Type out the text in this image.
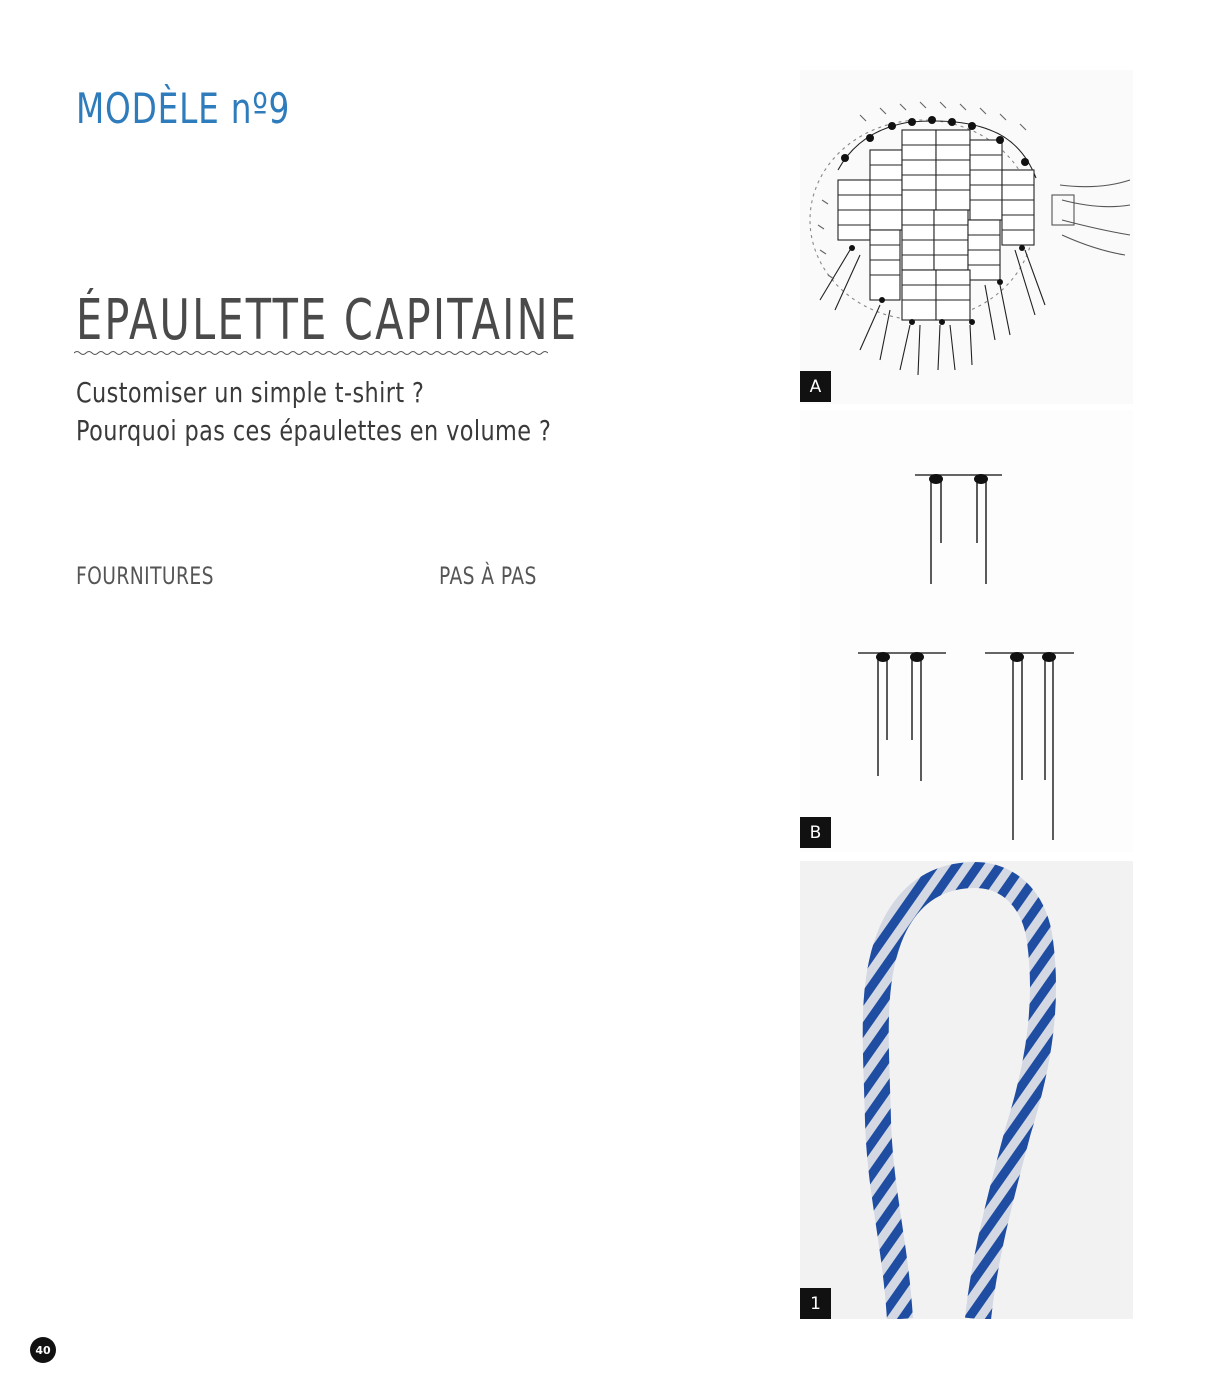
MODÈLE nº9
ÉPAULETTE CAPITAINE

Customiser un simple t-shirt ?

Pourquoi pas ces épaulettes en volume ?

FOURNITURES	PAS À PAS
A
B
1
40
